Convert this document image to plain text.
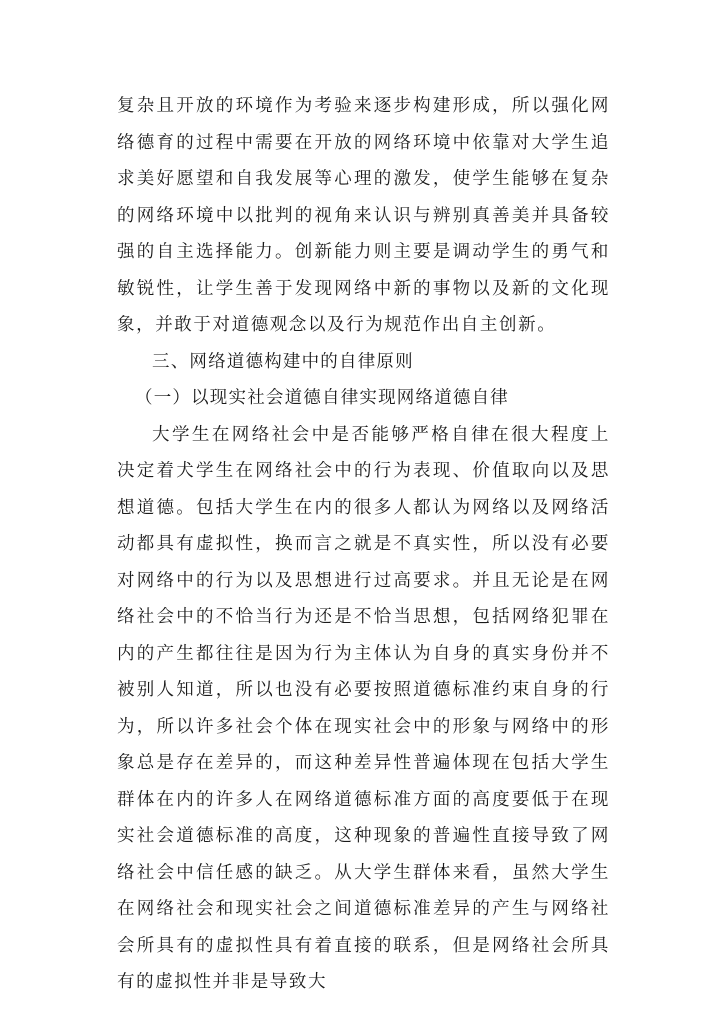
复杂且开放的环境作为考验来逐步构建形成，所以强化网络德育的过程中需要在开放的网络环境中依靠对大学生追求美好愿望和自我发展等心理的激发，使学生能够在复杂的网络环境中以批判的视角来认识与辨别真善美并具备较强的自主选择能力。创新能力则主要是调动学生的勇气和敏锐性，让学生善于发现网络中新的事物以及新的文化现象，并敢于对道德观念以及行为规范作出自主创新。

三、网络道德构建中的自律原则

（一）以现实社会道德自律实现网络道德自律

大学生在网络社会中是否能够严格自律在很大程度上决定着犬学生在网络社会中的行为表现、价值取向以及思想道德。包括大学生在内的很多人都认为网络以及网络活动都具有虚拟性，换而言之就是不真实性，所以没有必要对网络中的行为以及思想进行过高要求。并且无论是在网络社会中的不恰当行为还是不恰当思想，包括网络犯罪在内的产生都往往是因为行为主体认为自身的真实身份并不被别人知道，所以也没有必要按照道德标准约束自身的行为，所以许多社会个体在现实社会中的形象与网络中的形象总是存在差异的，而这种差异性普遍体现在包括大学生群体在内的许多人在网络道德标准方面的高度要低于在现实社会道德标准的高度，这种现象的普遍性直接导致了网络社会中信任感的缺乏。从大学生群体来看，虽然大学生在网络社会和现实社会之间道德标准差异的产生与网络社会所具有的虚拟性具有着直接的联系，但是网络社会所具有的虚拟性并非是导致大
